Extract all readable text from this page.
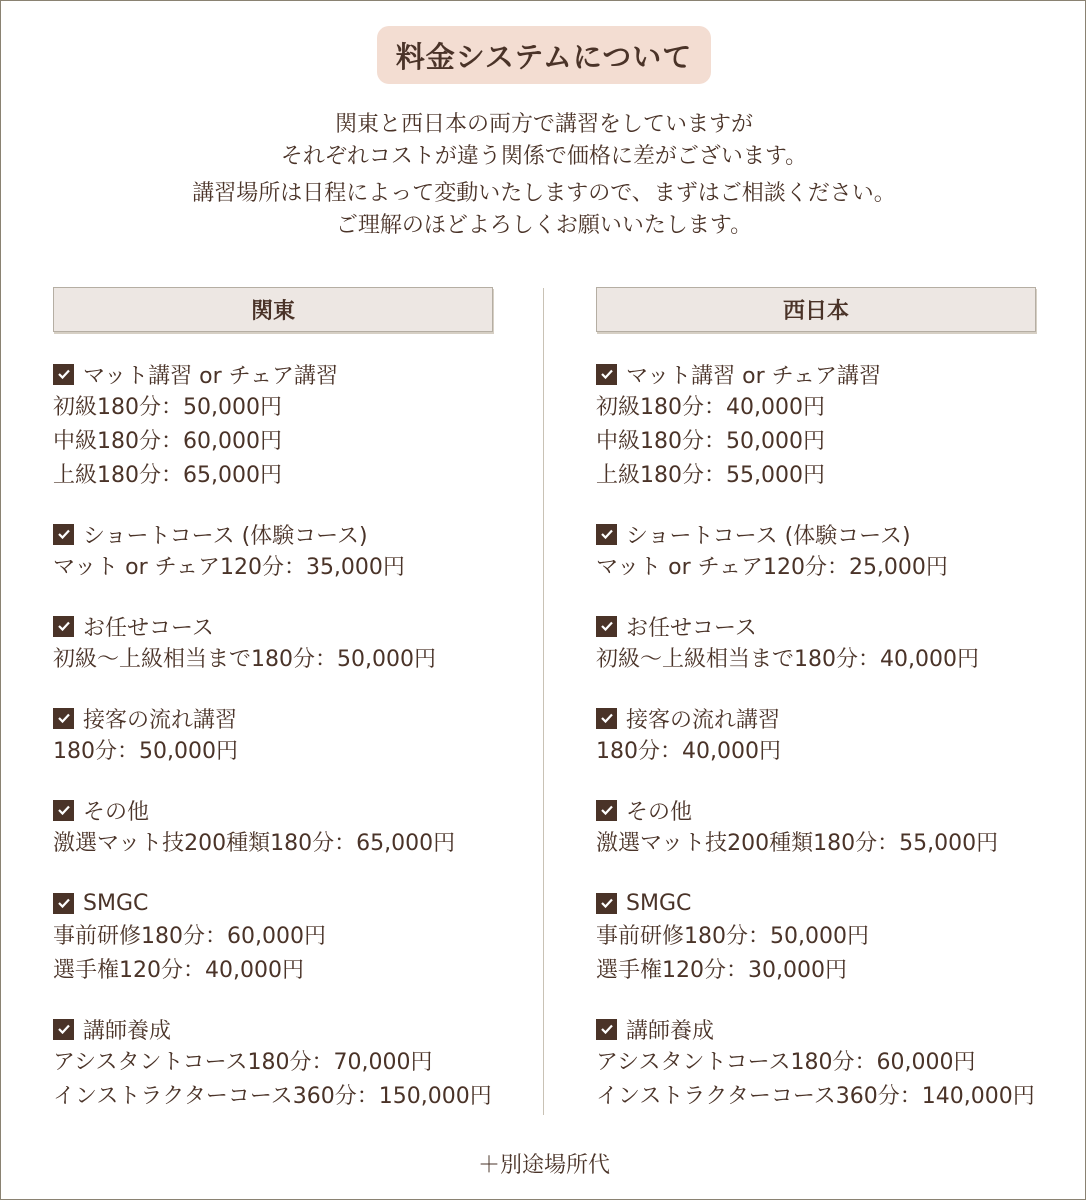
料金システムについて

関東と西日本の両方で講習をしていますが

それぞれコストが違う関係で価格に差がございます。

講習場所は日程によって変動いたしますので、まずはご相談ください。

ご理解のほどよろしくお願いいたします。

関東
マット講習 or チェア講習
初級180分：50,000円
中級180分：60,000円
上級180分：65,000円
ショートコース (体験コース)
マット or チェア120分：35,000円
お任せコース
初級〜上級相当まで180分：50,000円
接客の流れ講習
180分：50,000円
その他
激選マット技200種類180分：65,000円
SMGC
事前研修180分：60,000円
選手権120分：40,000円
講師養成
アシスタントコース180分：70,000円
インストラクターコース360分：150,000円
西日本
マット講習 or チェア講習
初級180分：40,000円
中級180分：50,000円
上級180分：55,000円
ショートコース (体験コース)
マット or チェア120分：25,000円
お任せコース
初級〜上級相当まで180分：40,000円
接客の流れ講習
180分：40,000円
その他
激選マット技200種類180分：55,000円
SMGC
事前研修180分：50,000円
選手権120分：30,000円
講師養成
アシスタントコース180分：60,000円
インストラクターコース360分：140,000円
＋別途場所代
